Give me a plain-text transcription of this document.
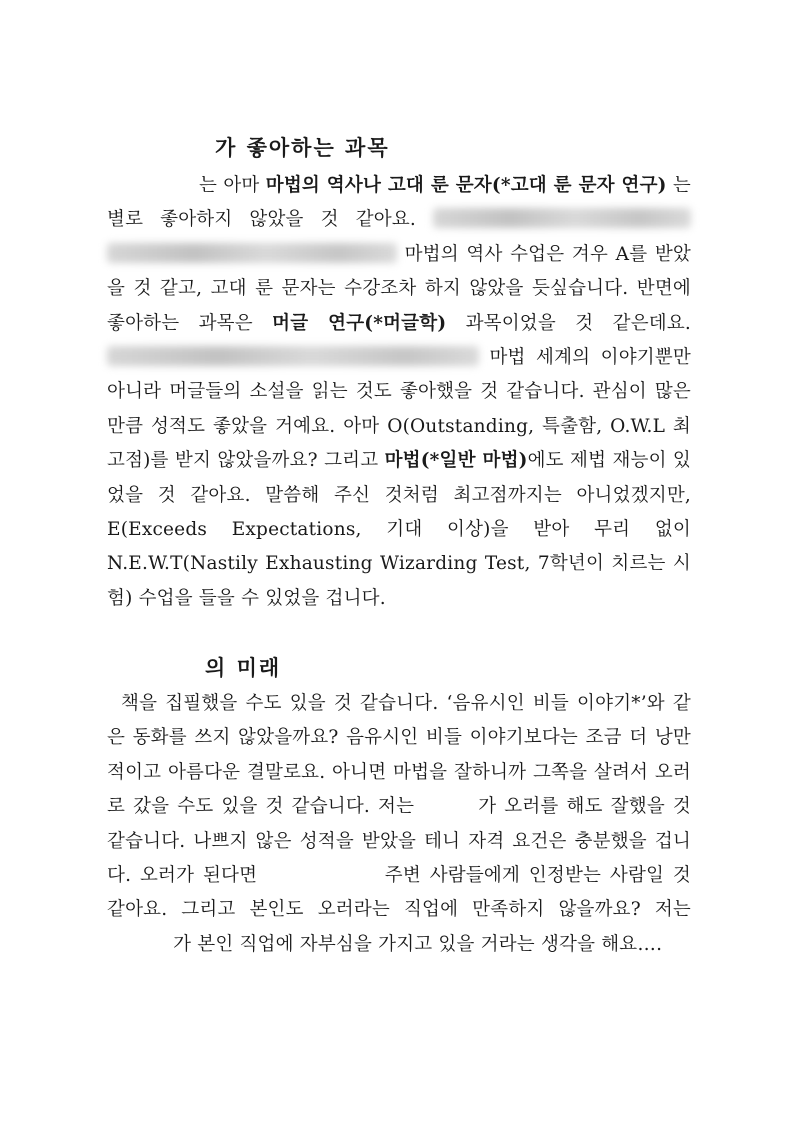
가 좋아하는 과목

는 아마 마법의 역사나 고대 룬 문자(*고대 룬 문자 연구) 는 별로 좋아하지 않았을 것 같아요.   마법의 역사 수업은 겨우 A를 받았을 것 같고, 고대 룬 문자는 수강조차 하지 않았을 듯싶습니다. 반면에 좋아하는 과목은 머글 연구(*머글학) 과목이었을 것 같은데요.  마법 세계의 이야기뿐만 아니라 머글들의 소설을 읽는 것도 좋아했을 것 같습니다. 관심이 많은 만큼 성적도 좋았을 거예요. 아마 O(Outstanding, 특출함, O.W.L 최고점)를 받지 않았을까요? 그리고 마법(*일반 마법)에도 제법 재능이 있었을 것 같아요. 말씀해 주신 것처럼 최고점까지는 아니었겠지만, E(Exceeds Expectations, 기대 이상)을 받아 무리 없이 N.E.W.T(Nastily Exhausting Wizarding Test, 7학년이 치르는 시험) 수업을 들을 수 있었을 겁니다.

의 미래

책을 집필했을 수도 있을 것 같습니다. ‘음유시인 비들 이야기*’와 같은 동화를 쓰지 않았을까요? 음유시인 비들 이야기보다는 조금 더 낭만적이고 아름다운 결말로요. 아니면 마법을 잘하니까 그쪽을 살려서 오러로 갔을 수도 있을 것 같습니다. 저는	가 오러를 해도 잘했을 것 같습니다. 나쁘지 않은 성적을 받았을 테니 자격 요건은 충분했을 겁니다. 오러가 된다면	주변 사람들에게 인정받는 사람일 것 같아요. 그리고 본인도 오러라는 직업에 만족하지 않을까요? 저는  가 본인 직업에 자부심을 가지고 있을 거라는 생각을 해요….
